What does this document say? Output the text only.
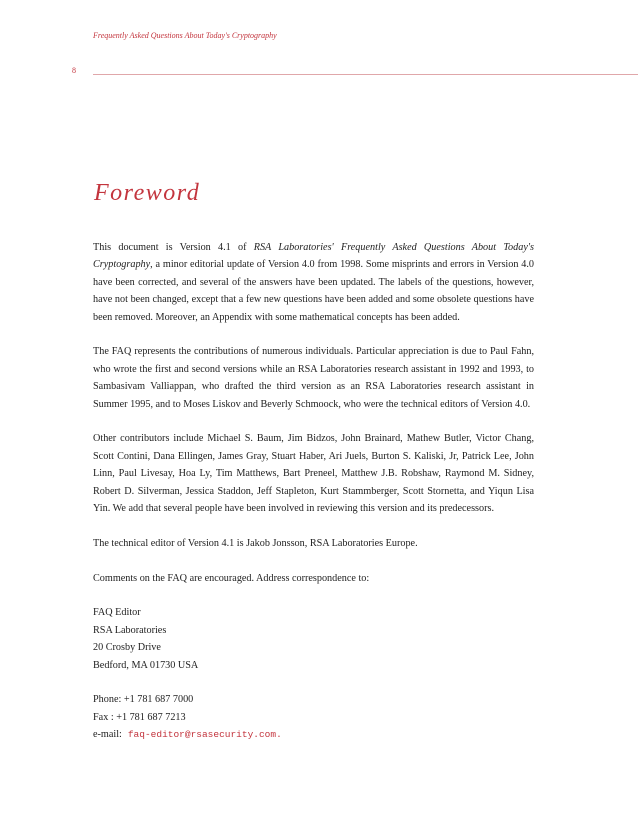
Frequently Asked Questions About Today's Cryptography
8
Foreword

This document is Version 4.1 of RSA Laboratories' Frequently Asked Questions About Today's Cryptography, a minor editorial update of Version 4.0 from 1998. Some misprints and errors in Version 4.0 have been corrected, and several of the answers have been updated. The labels of the questions, however, have not been changed, except that a few new questions have been added and some obsolete questions have been removed. Moreover, an Appendix with some mathematical concepts has been added.

The FAQ represents the contributions of numerous individuals. Particular appreciation is due to Paul Fahn, who wrote the first and second versions while an RSA Laboratories research assistant in 1992 and 1993, to Sambasivam Valliappan, who drafted the third version as an RSA Laboratories research assistant in Summer 1995, and to Moses Liskov and Beverly Schmoock, who were the technical editors of Version 4.0.

Other contributors include Michael S. Baum, Jim Bidzos, John Brainard, Mathew Butler, Victor Chang, Scott Contini, Dana Ellingen, James Gray, Stuart Haber, Ari Juels, Burton S. Kaliski, Jr, Patrick Lee, John Linn, Paul Livesay, Hoa Ly, Tim Matthews, Bart Preneel, Matthew J.B. Robshaw, Raymond M. Sidney, Robert D. Silverman, Jessica Staddon, Jeff Stapleton, Kurt Stammberger, Scott Stornetta, and Yiqun Lisa Yin. We add that several people have been involved in reviewing this version and its predecessors.

The technical editor of Version 4.1 is Jakob Jonsson, RSA Laboratories Europe.

Comments on the FAQ are encouraged. Address correspondence to:

FAQ Editor
RSA Laboratories
20 Crosby Drive
Bedford, MA 01730 USA

Phone: +1 781 687 7000
Fax : +1 781 687 7213
e-mail: faq-editor@rsasecurity.com.
